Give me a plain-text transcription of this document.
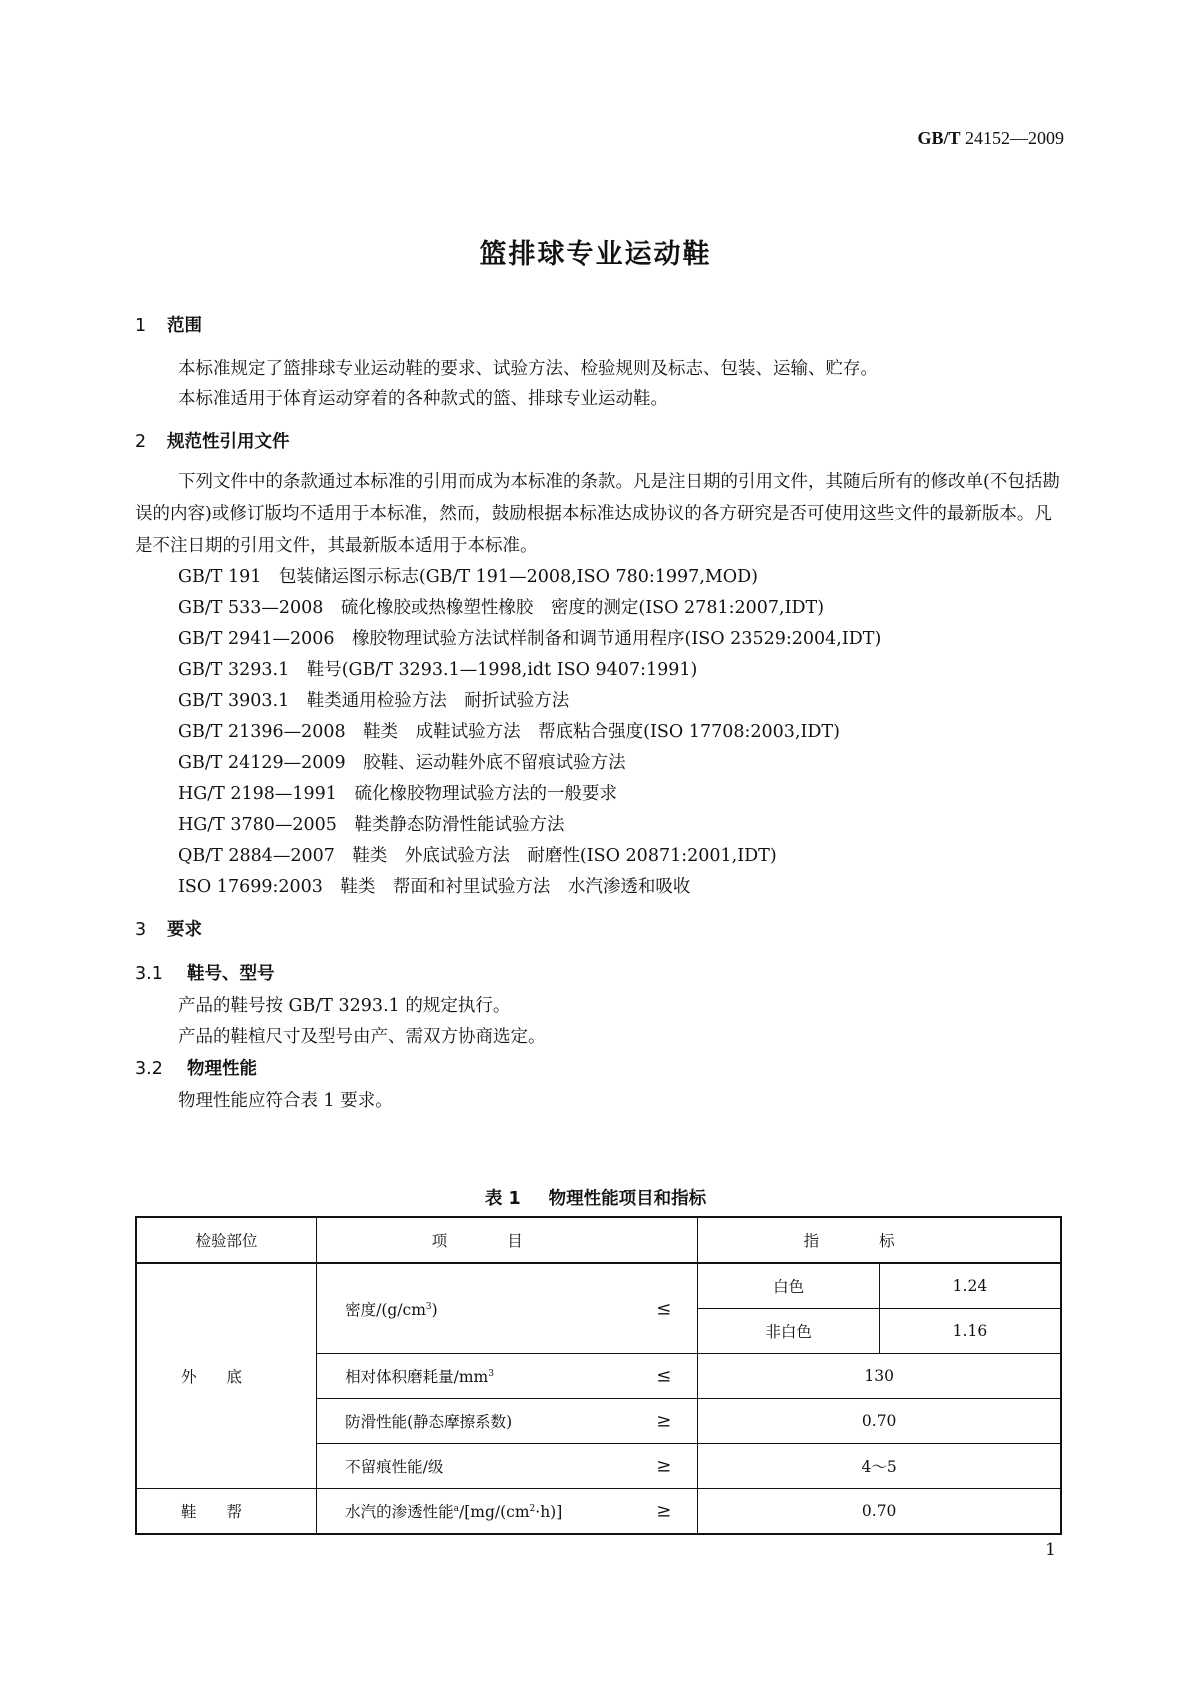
GB/T 24152—2009
篮排球专业运动鞋
1 范围
本标准规定了篮排球专业运动鞋的要求、试验方法、检验规则及标志、包装、运输、贮存。
本标准适用于体育运动穿着的各种款式的篮、排球专业运动鞋。
2 规范性引用文件
下列文件中的条款通过本标准的引用而成为本标准的条款。凡是注日期的引用文件，其随后所有的修改单(不包括勘误的内容)或修订版均不适用于本标准，然而，鼓励根据本标准达成协议的各方研究是否可使用这些文件的最新版本。凡是不注日期的引用文件，其最新版本适用于本标准。
GB/T 191　包装储运图示标志(GB/T 191—2008,ISO 780:1997,MOD)
GB/T 533—2008　硫化橡胶或热橡塑性橡胶　密度的测定(ISO 2781:2007,IDT)
GB/T 2941—2006　橡胶物理试验方法试样制备和调节通用程序(ISO 23529:2004,IDT)
GB/T 3293.1　鞋号(GB/T 3293.1—1998,idt ISO 9407:1991)
GB/T 3903.1　鞋类通用检验方法　耐折试验方法
GB/T 21396—2008　鞋类　成鞋试验方法　帮底粘合强度(ISO 17708:2003,IDT)
GB/T 24129—2009　胶鞋、运动鞋外底不留痕试验方法
HG/T 2198—1991　硫化橡胶物理试验方法的一般要求
HG/T 3780—2005　鞋类静态防滑性能试验方法
QB/T 2884—2007　鞋类　外底试验方法　耐磨性(ISO 20871:2001,IDT)
ISO 17699:2003　鞋类　帮面和衬里试验方法　水汽渗透和吸收
3 要求
3.1 鞋号、型号
产品的鞋号按 GB/T 3293.1 的规定执行。
产品的鞋楦尺寸及型号由产、需双方协商选定。
3.2 物理性能
物理性能应符合表 1 要求。
表 1 物理性能项目和指标
检验部位	项目	指标	
外底	密度$/(g/cm^3)$ ≤	白色	1.24
		非白色	1.16
	相对体积磨耗量$/mm^3$ ≤	130	
	防滑性能(静态摩擦系数) ≥	0.70	
	不留痕性能/级 ≥	4～5	
鞋帮	水汽的渗透性能$^a/[mg/(cm^2\cdot h)]$ ≥	0.70	
1
